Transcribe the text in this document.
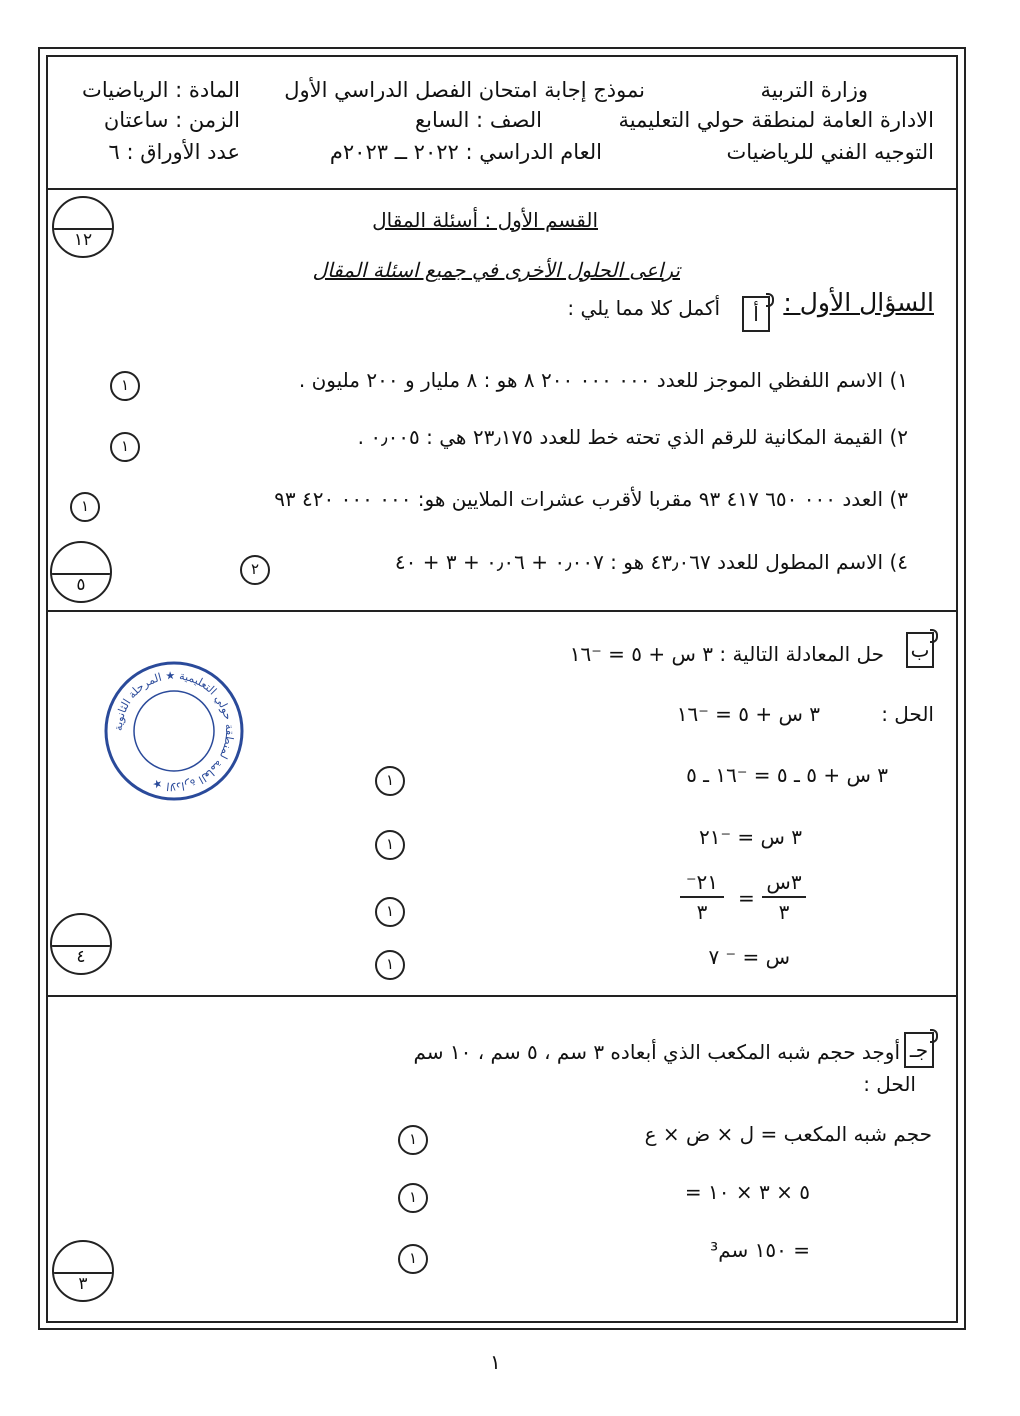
وزارة التربية
الادارة العامة لمنطقة حولي التعليمية
التوجيه الفني للرياضيات
نموذج إجابة امتحان الفصل الدراسي الأول
الصف : السابع
العام الدراسي : ٢٠٢٢ ــ ٢٠٢٣م
المادة : الرياضيات
الزمن : ساعتان
عدد الأوراق : ٦
القسم الأول : أسئلة المقال
تراعى الحلول الأخرى في جميع اسئلة المقال
١٢
السؤال الأول :
أ
أكمل كلا مما يلي :
١) الاسم اللفظي الموجز للعدد ٠٠٠ ٠٠٠ ٢٠٠ ٨ هو : ٨ مليار و ٢٠٠ مليون .
١
٢) القيمة المكانية للرقم الذي تحته خط للعدد ٢٣٫١٧٥ هي : ٠٫٠٠٥ .
١
٣) العدد ٠٠٠ ٦٥٠ ٤١٧ ٩٣ مقربا لأقرب عشرات الملايين هو: ٠٠٠ ٠٠٠ ٤٢٠ ٩٣
١
٤) الاسم المطول للعدد ٤٣٫٠٦٧ هو : ٠٫٠٠٧ + ٠٫٠٦ + ٣ + ٤٠
٢
٥
ب
حل المعادلة التالية : ٣ س + ٥ = ⁻١٦
الحل :
٣ س + ٥ = ⁻١٦
٣ س + ٥ ـ ٥ = ⁻١٦ ـ ٥
١
٣ س = ⁻٢١
١
٣س
٣
=
⁻٢١
٣
١
س = ⁻ ٧
١
٤
الادارة العامة لمنطقة حولي التعليمية ★ المرحلة الثانوية ★
جـ
أوجد حجم شبه المكعب الذي أبعاده ٣ سم ، ٥ سم ، ١٠ سم
الحل :
حجم شبه المكعب = ل × ض × ع
١
= ٥ × ٣ × ١٠
١
= ١٥٠ سم³
١
٣
١
